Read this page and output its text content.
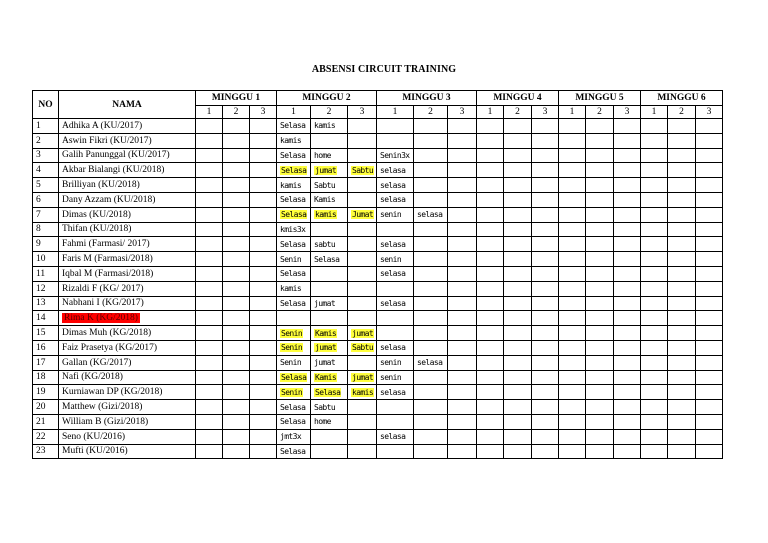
ABSENSI CIRCUIT TRAINING
NO	NAMA	MINGGU 1			MINGGU 2			MINGGU 3			MINGGU 4			MINGGU 5			MINGGU 6		
		1	2	3	1	2	3	1	2	3	1	2	3	1	2	3	1	2	3
1	Adhika A (KU/2017)				Selasa	kamis													
2	Aswin Fikri (KU/2017)				kamis														
3	Galih Panunggal (KU/2017)				Selasa	home		Senin3x											
4	Akbar Bialangi (KU/2018)				Selasa	jumat	Sabtu	selasa											
5	Brilliyan (KU/2018)				kamis	Sabtu		selasa											
6	Dany Azzam (KU/2018)				Selasa	Kamis		selasa											
7	Dimas (KU/2018)				Selasa	kamis	Jumat	senin	selasa										
8	Thifan (KU/2018)				kmis3x														
9	Fahmi (Farmasi/ 2017)				Selasa	sabtu		selasa											
10	Faris M (Farmasi/2018)				Senin	Selasa		senin											
11	Iqbal M (Farmasi/2018)				Selasa			selasa											
12	Rizaldi F (KG/ 2017)				kamis														
13	Nabhani I (KG/2017)				Selasa	jumat		selasa											
14	Rima K (KG/2018)																		
15	Dimas Muh (KG/2018)				Senin	Kamis	jumat												
16	Faiz Prasetya (KG/2017)				Senin	jumat	Sabtu	selasa											
17	Gallan (KG/2017)				Senin	jumat		senin	selasa										
18	Nafi (KG/2018)				Selasa	Kamis	jumat	senin											
19	Kurniawan DP (KG/2018)				Senin	Selasa	kamis	selasa											
20	Matthew (Gizi/2018)				Selasa	Sabtu													
21	William B (Gizi/2018)				Selasa	home													
22	Seno (KU/2016)				jmt3x			selasa											
23	Mufti (KU/2016)				Selasa														
